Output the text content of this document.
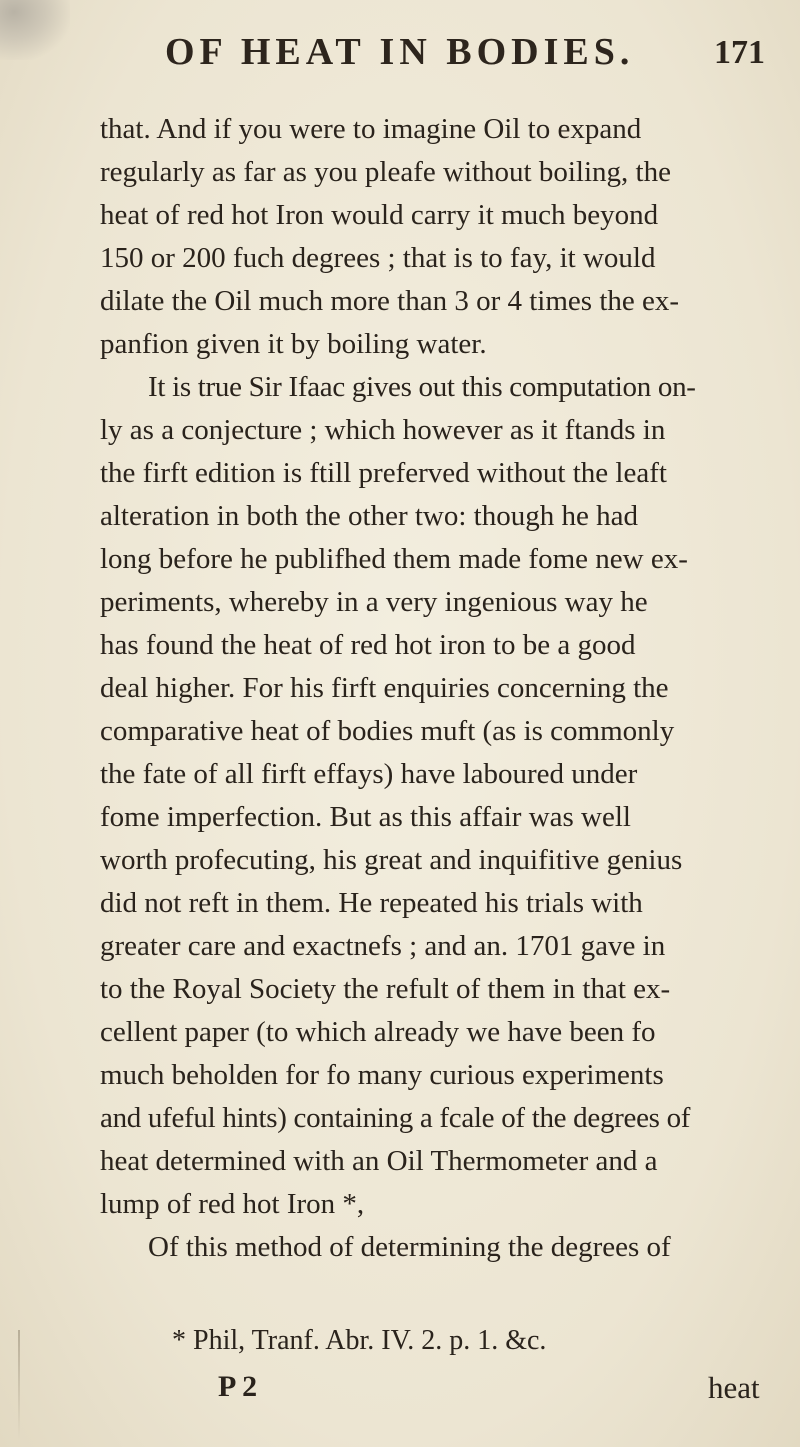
OF HEAT IN BODIES. 171
that. And if you were to imagine Oil to expand
regularly as far as you pleafe without boiling, the
heat of red hot Iron would carry it much beyond
150 or 200 fuch degrees ; that is to fay, it would
dilate the Oil much more than 3 or 4 times the ex-
panfion given it by boiling water.
It is true Sir Ifaac gives out this computation on-
ly as a conjecture ; which however as it ftands in
the firft edition is ftill preferved without the leaft
alteration in both the other two: though he had
long before he publifhed them made fome new ex-
periments, whereby in a very ingenious way he
has found the heat of red hot iron to be a good
deal higher. For his firft enquiries concerning the
comparative heat of bodies muft (as is commonly
the fate of all firft effays) have laboured under
fome imperfection. But as this affair was well
worth profecuting, his great and inquifitive genius
did not reft in them. He repeated his trials with
greater care and exactnefs ; and an. 1701 gave in
to the Royal Society the refult of them in that ex-
cellent paper (to which already we have been fo
much beholden for fo many curious experiments
and ufeful hints) containing a fcale of the degrees of
heat determined with an Oil Thermometer and a
lump of red hot Iron *,
Of this method of determining the degrees of
* Phil, Tranf. Abr. IV. 2. p. 1. &c.
P 2	heat
